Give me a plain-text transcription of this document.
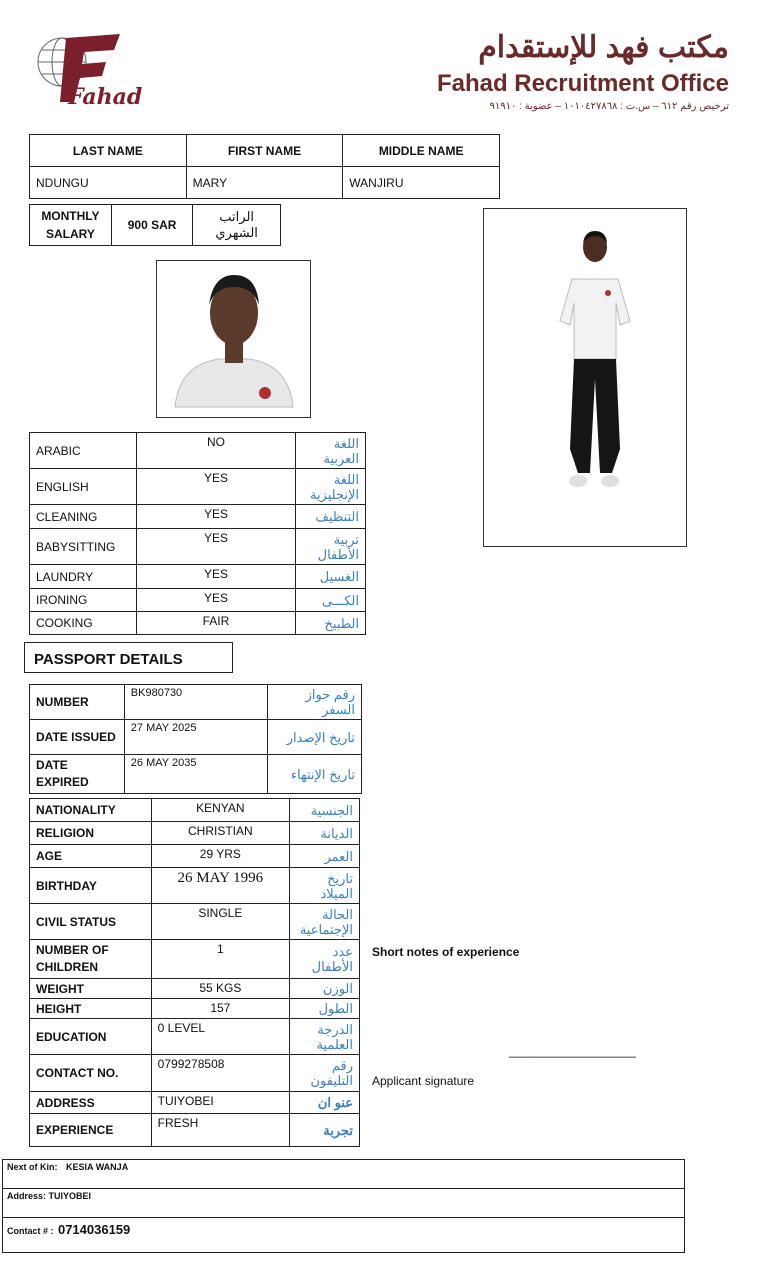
Fahad
مكتب فهد للإستقدام
Fahad Recruitment Office
ترخيص رقم ٦١٢ – س.ت : ١٠١٠٤٢٧٨٦٨ – عضوية : ٩١٩١٠
LAST NAME	FIRST NAME	MIDDLE NAME
NDUNGU	MARY	WANJIRU
MONTHLY SALARY	900 SAR	الراتب الشهري
ARABIC	NO	اللغة العربية
ENGLISH	YES	اللغة الإنجليزية
CLEANING	YES	التنظيف
BABYSITTING	YES	تربية الأطفال
LAUNDRY	YES	الغسيل
IRONING	YES	الكـــى
COOKING	FAIR	الطبيخ
PASSPORT DETAILS
NUMBER	BK980730	رقم جواز السفر
DATE ISSUED	27 MAY 2025	تاريخ الإصدار
DATE EXPIRED	26 MAY 2035	تاريخ الإنتهاء
NATIONALITY	KENYAN	الجنسية
RELIGION	CHRISTIAN	الديانة
AGE	29 YRS	العمر
BIRTHDAY	26 MAY 1996	تاريخ الميلاد
CIVIL STATUS	SINGLE	الحالة الإجتماعية
NUMBER OF CHILDREN	1	عدد الأطفال
WEIGHT	55 KGS	الوزن
HEIGHT	157	الطول
EDUCATION	0 LEVEL	الدرجة العلمية
CONTACT NO.	0799278508	رقم التليفون
ADDRESS	TUIYOBEI	عنو ان
EXPERIENCE	FRESH	تجربة
Short notes of experience
___________________
Applicant signature
Next of Kin: KESIA WANJA
Address: TUIYOBEI
Contact # : 0714036159
